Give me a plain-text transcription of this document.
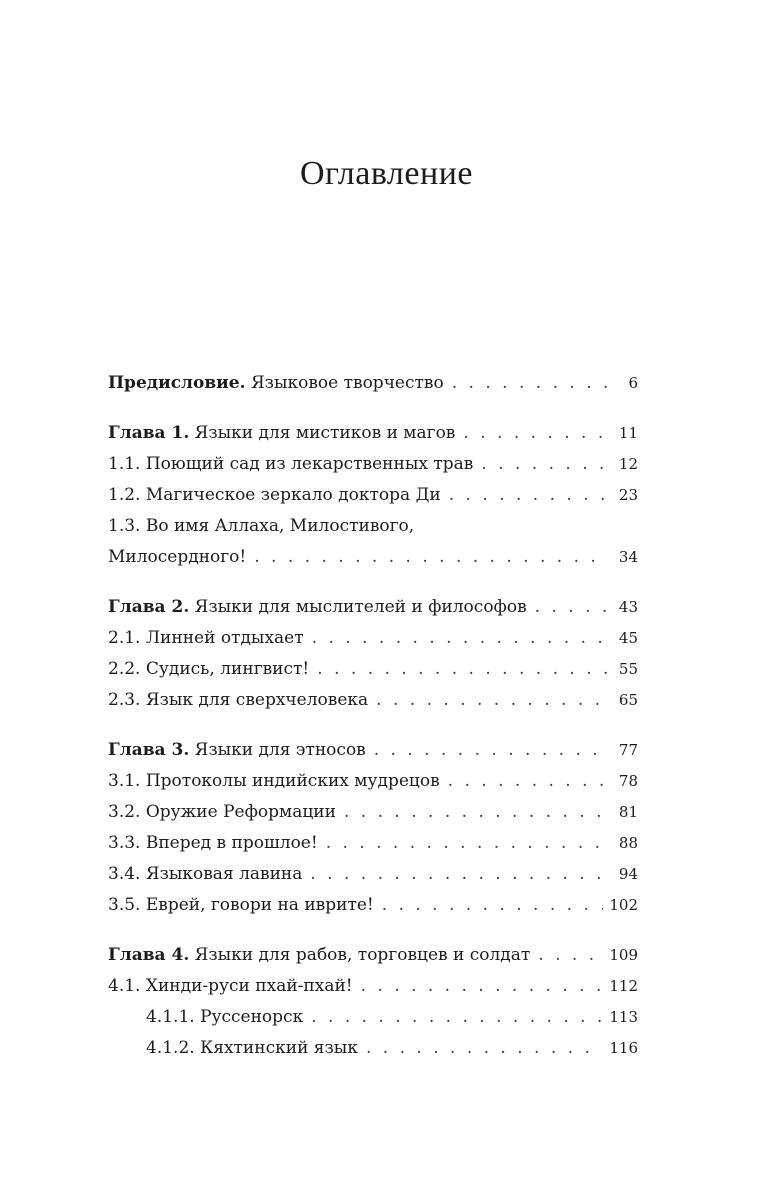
Оглавление
Предисловие. Языковое творчество . . .	6
Глава 1. Языки для мистиков и магов . . .	11
1.1. Поющий сад из лекарственных трав . . .	12
1.2. Магическое зеркало доктора Ди . . .	23
1.3. Во имя Аллаха, Милостивого,
Милосердного! . . .	34
Глава 2. Языки для мыслителей и философов . . .	43
2.1. Линней отдыхает . . .	45
2.2. Судись, лингвист! . . .	55
2.3. Язык для сверхчеловека . . .	65
Глава 3. Языки для этносов . . .	77
3.1. Протоколы индийских мудрецов . . .	78
3.2. Оружие Реформации . . .	81
3.3. Вперед в прошлое! . . .	88
3.4. Языковая лавина . . .	94
3.5. Еврей, говори на иврите! . . .	102
Глава 4. Языки для рабов, торговцев и солдат . . .	109
4.1. Хинди-руси пхай-пхай! . . .	112
4.1.1. Руссенорск . . .	113
4.1.2. Кяхтинский язык . . .	116
